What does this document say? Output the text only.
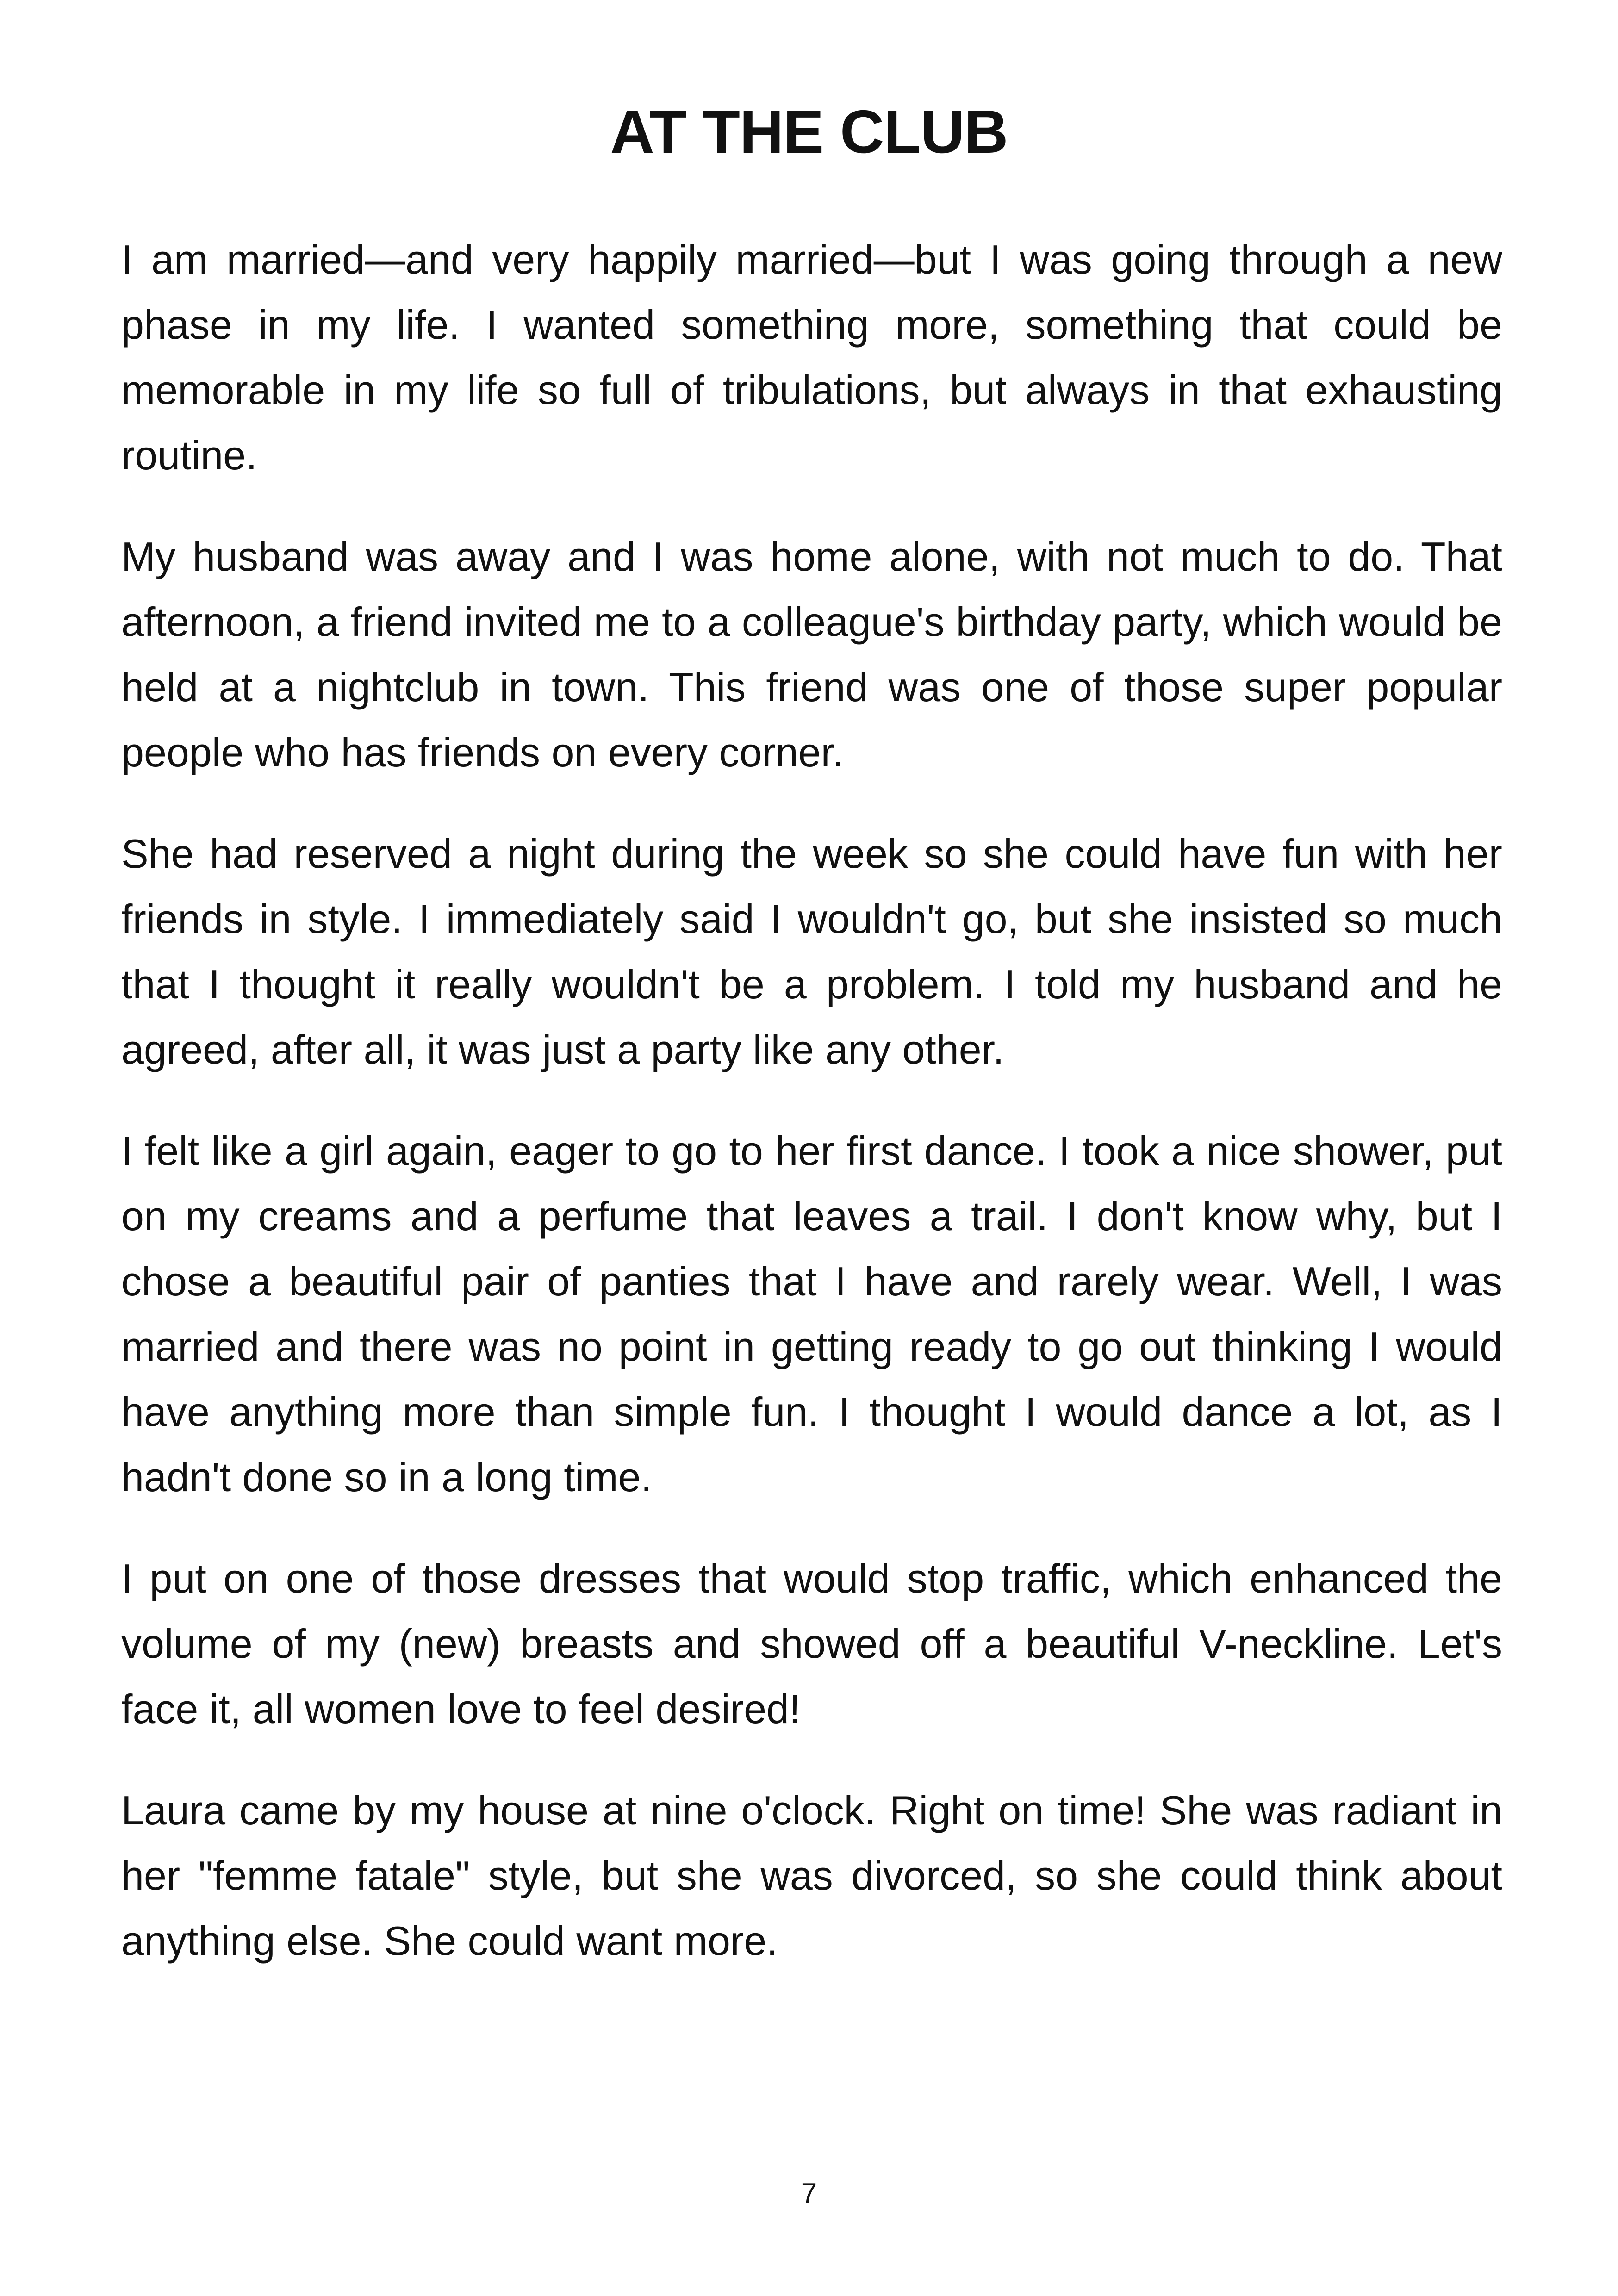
AT THE CLUB

I am married—and very happily married—but I was going through a new phase in my life. I wanted something more, something that could be memorable in my life so full of tribulations, but always in that exhausting routine.

My husband was away and I was home alone, with not much to do. That afternoon, a friend invited me to a colleague's birthday party, which would be held at a nightclub in town. This friend was one of those super popular people who has friends on every corner.

She had reserved a night during the week so she could have fun with her friends in style. I immediately said I wouldn't go, but she insisted so much that I thought it really wouldn't be a problem. I told my husband and he agreed, after all, it was just a party like any other.

I felt like a girl again, eager to go to her first dance. I took a nice shower, put on my creams and a perfume that leaves a trail. I don't know why, but I chose a beautiful pair of panties that I have and rarely wear. Well, I was married and there was no point in getting ready to go out thinking I would have anything more than simple fun. I thought I would dance a lot, as I hadn't done so in a long time.

I put on one of those dresses that would stop traffic, which enhanced the volume of my (new) breasts and showed off a beautiful V-neckline. Let's face it, all women love to feel desired!

Laura came by my house at nine o'clock. Right on time! She was radiant in her "femme fatale" style, but she was divorced, so she could think about anything else. She could want more.

7
